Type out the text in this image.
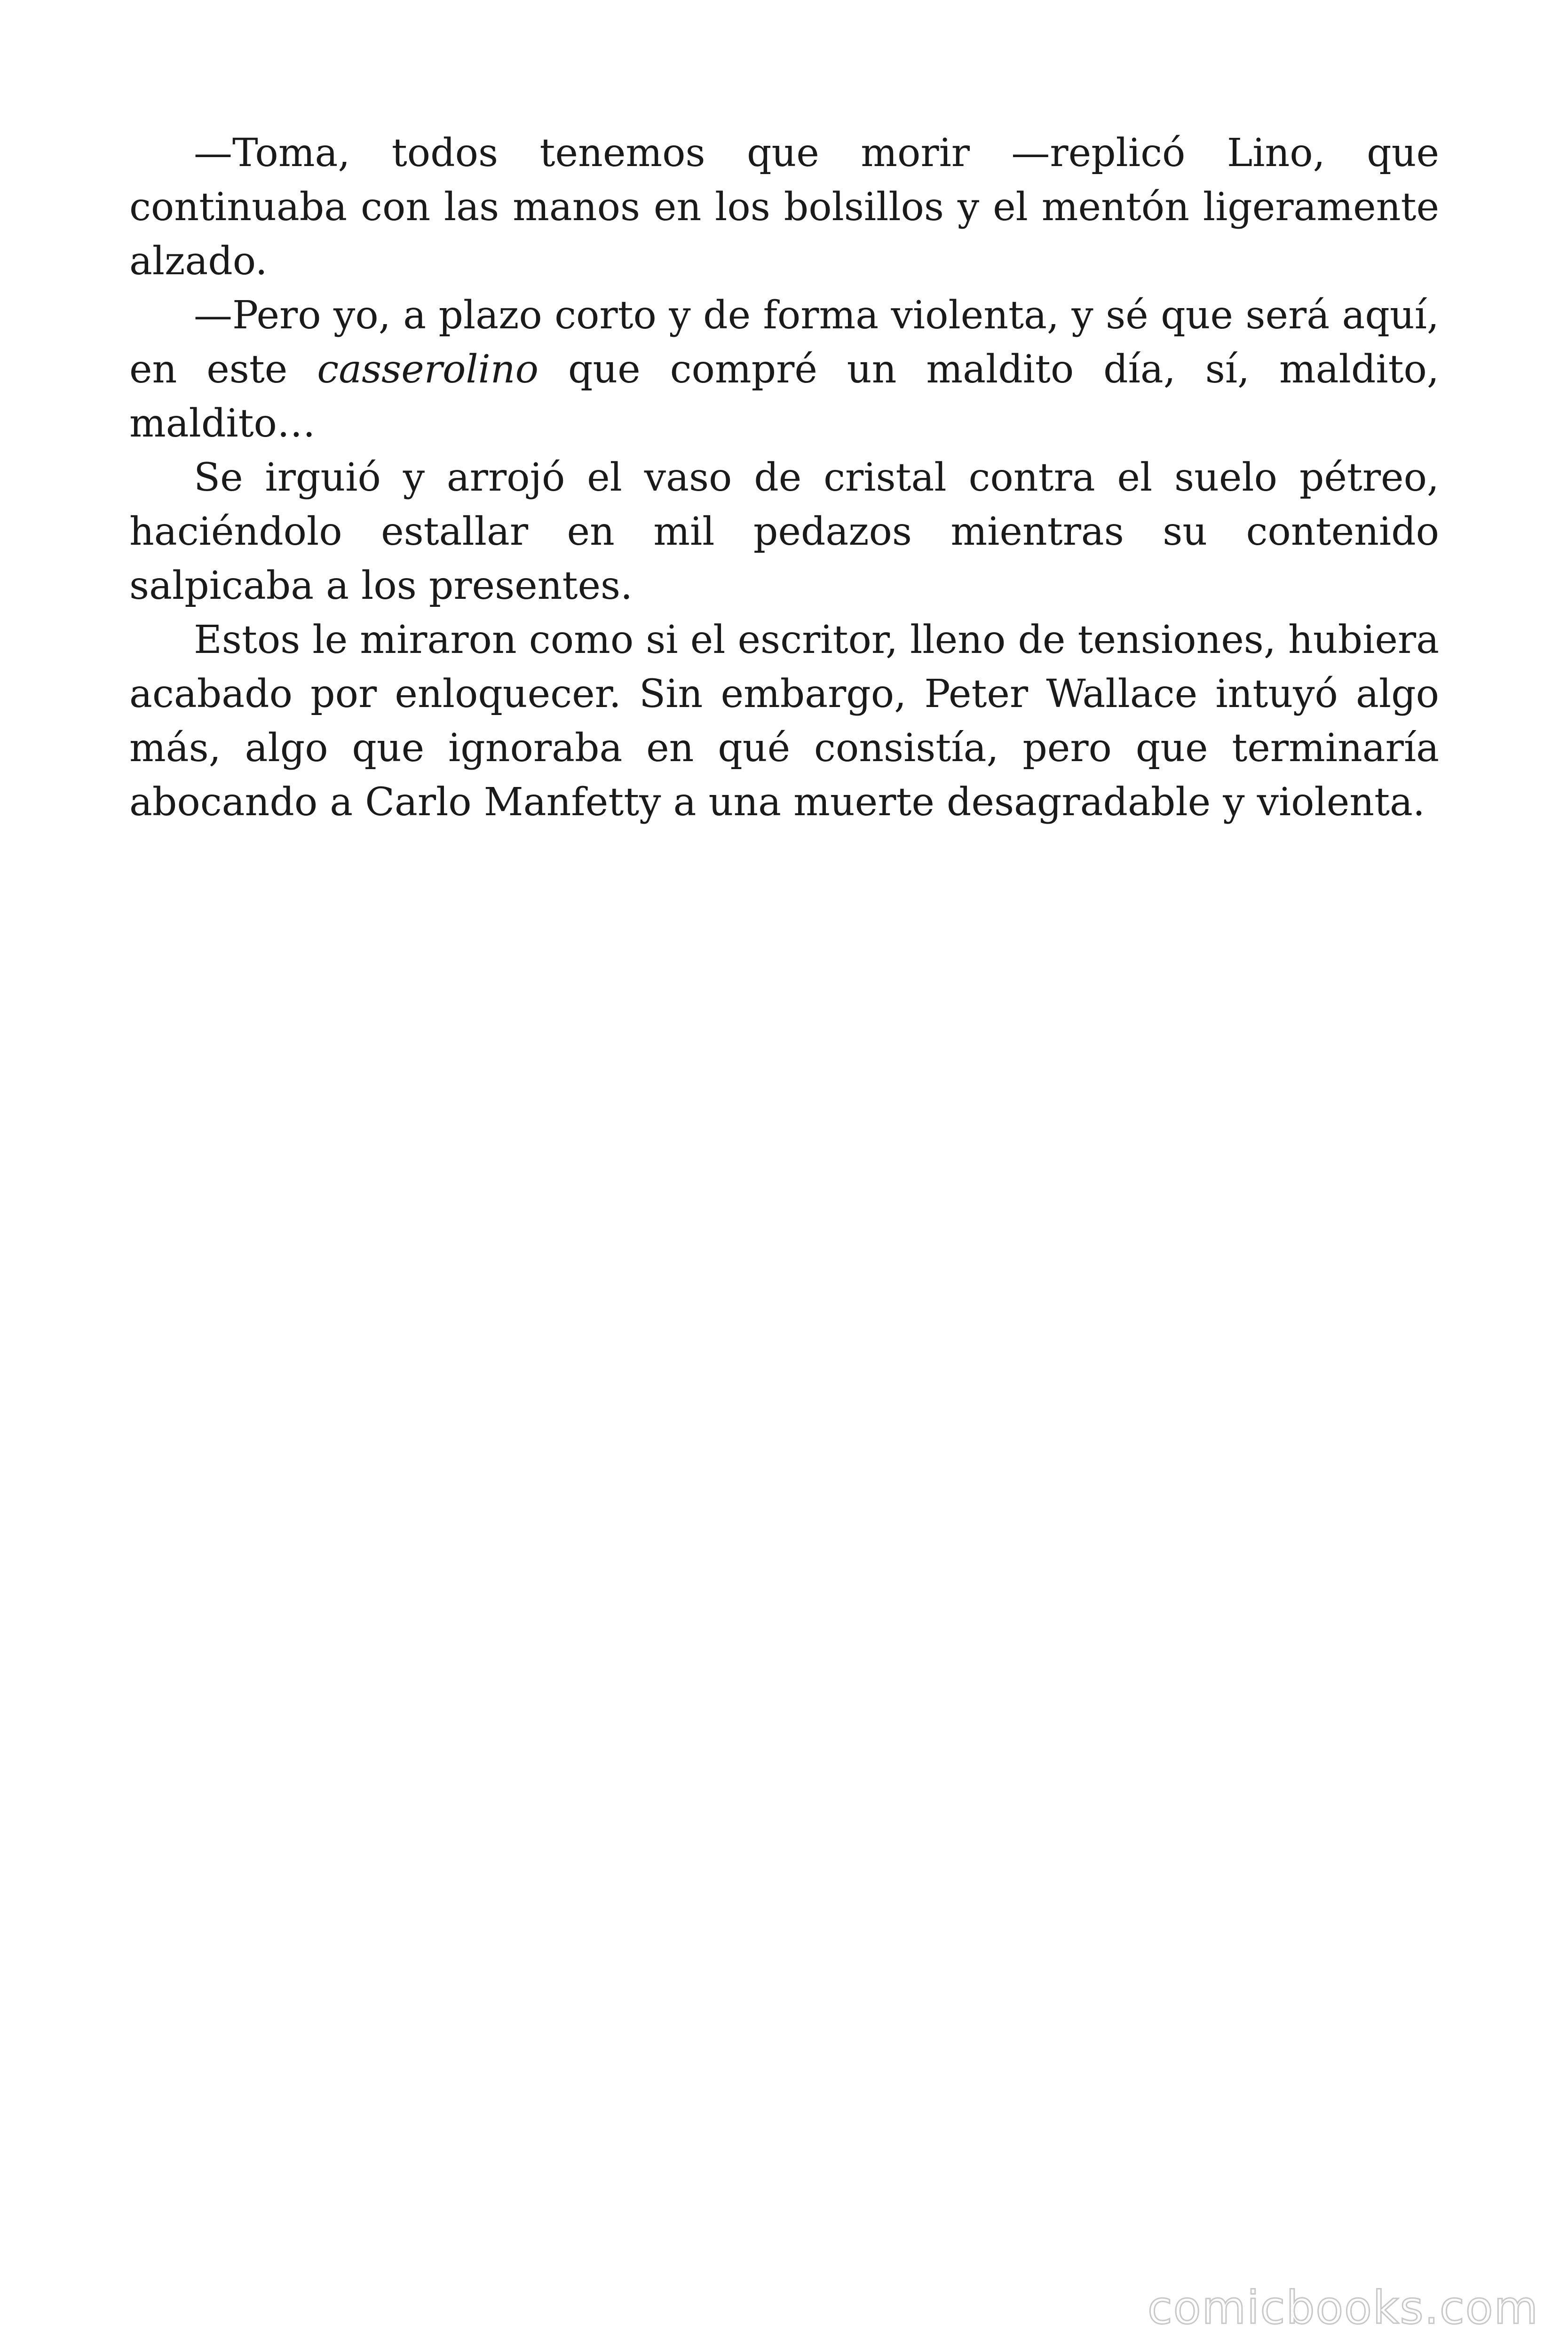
—Toma, todos tenemos que morir —replicó Lino, que continuaba con las manos en los bolsillos y el mentón ligeramente alzado.

—Pero yo, a plazo corto y de forma violenta, y sé que será aquí, en este casserolino que compré un maldito día, sí, maldito, maldito…

Se irguió y arrojó el vaso de cristal contra el suelo pétreo, haciéndolo estallar en mil pedazos mientras su contenido salpicaba a los presentes.

Estos le miraron como si el escritor, lleno de tensiones, hubiera acabado por enloquecer. Sin embargo, Peter Wallace intuyó algo más, algo que ignoraba en qué consistía, pero que terminaría abocando a Carlo Manfetty a una muerte desagradable y violenta.

comicbooks.com
